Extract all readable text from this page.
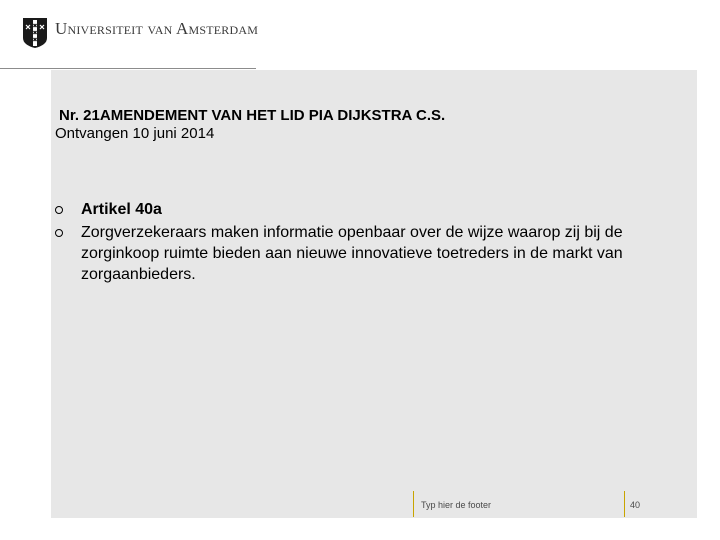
Universiteit van Amsterdam
Nr. 21AMENDEMENT VAN HET LID PIA DIJKSTRA C.S.
Ontvangen 10 juni 2014
Artikel 40a
Zorgverzekeraars maken informatie openbaar over de wijze waarop zij bij de zorginkoop ruimte bieden aan nieuwe innovatieve toetreders in de markt van zorgaanbieders.
Typ hier de footer	40
